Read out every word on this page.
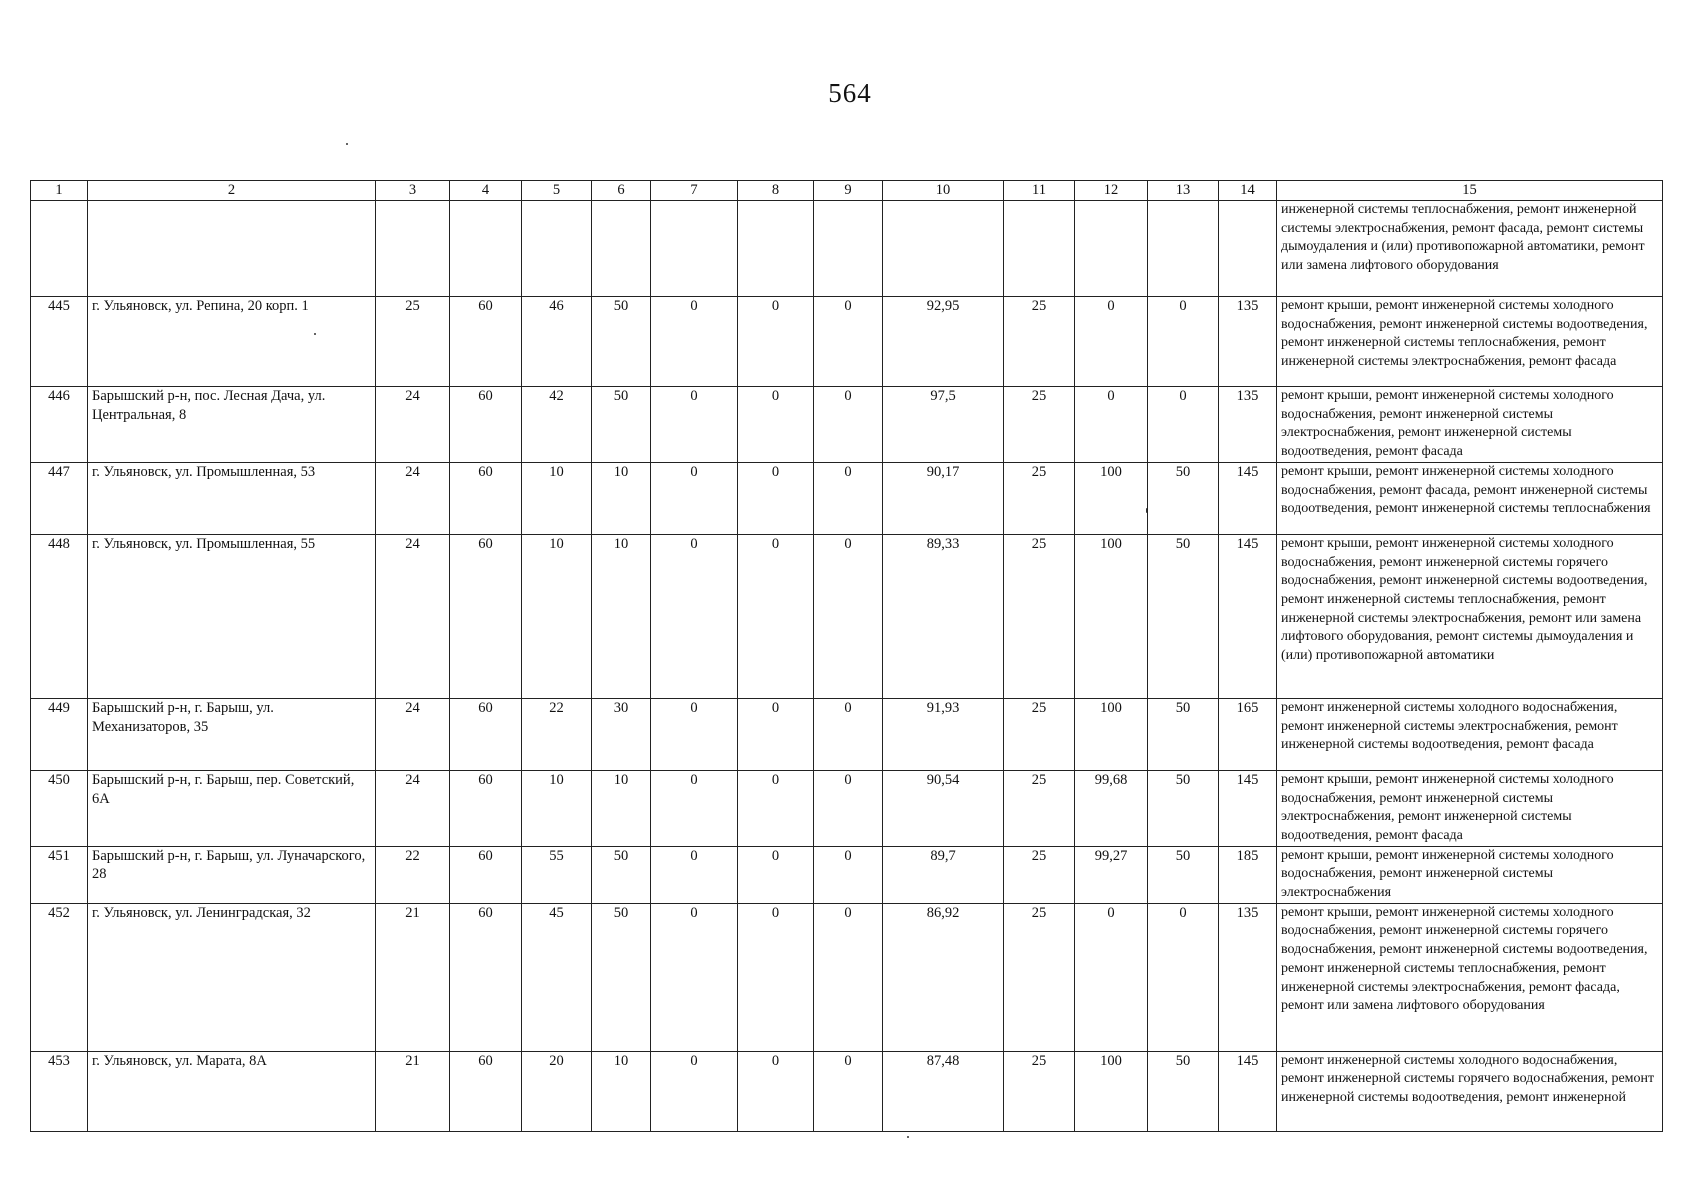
564
1	2	3	4	5	6	7	8	9	10	11	12	13	14	15
														инженерной системы теплоснабжения, ремонт инженерной системы электроснабжения, ремонт фасада, ремонт системы дымоудаления и (или) противопожарной автоматики, ремонт или замена лифтового оборудования
445	г. Ульяновск, ул. Репина, 20 корп. 1	25	60	46	50	0	0	0	92,95	25	0	0	135	ремонт крыши, ремонт инженерной системы холодного водоснабжения, ремонт инженерной системы водоотведения, ремонт инженерной системы теплоснабжения, ремонт инженерной системы электроснабжения, ремонт фасада
446	Барышский р-н, пос. Лесная Дача, ул. Центральная, 8	24	60	42	50	0	0	0	97,5	25	0	0	135	ремонт крыши, ремонт инженерной системы холодного водоснабжения, ремонт инженерной системы электроснабжения, ремонт инженерной системы водоотведения, ремонт фасада
447	г. Ульяновск, ул. Промышленная, 53	24	60	10	10	0	0	0	90,17	25	100	50	145	ремонт крыши, ремонт инженерной системы холодного водоснабжения, ремонт фасада, ремонт инженерной системы водоотведения, ремонт инженерной системы теплоснабжения
448	г. Ульяновск, ул. Промышленная, 55	24	60	10	10	0	0	0	89,33	25	100	50	145	ремонт крыши, ремонт инженерной системы холодного водоснабжения, ремонт инженерной системы горячего водоснабжения, ремонт инженерной системы водоотведения, ремонт инженерной системы теплоснабжения, ремонт инженерной системы электроснабжения, ремонт или замена лифтового оборудования, ремонт системы дымоудаления и (или) противопожарной автоматики
449	Барышский р-н, г. Барыш, ул. Механизаторов, 35	24	60	22	30	0	0	0	91,93	25	100	50	165	ремонт инженерной системы холодного водоснабжения, ремонт инженерной системы электроснабжения, ремонт инженерной системы водоотведения, ремонт фасада
450	Барышский р-н, г. Барыш, пер. Советский, 6А	24	60	10	10	0	0	0	90,54	25	99,68	50	145	ремонт крыши, ремонт инженерной системы холодного водоснабжения, ремонт инженерной системы электроснабжения, ремонт инженерной системы водоотведения, ремонт фасада
451	Барышский р-н, г. Барыш, ул. Луначарского, 28	22	60	55	50	0	0	0	89,7	25	99,27	50	185	ремонт крыши, ремонт инженерной системы холодного водоснабжения, ремонт инженерной системы электроснабжения
452	г. Ульяновск, ул. Ленинградская, 32	21	60	45	50	0	0	0	86,92	25	0	0	135	ремонт крыши, ремонт инженерной системы холодного водоснабжения, ремонт инженерной системы горячего водоснабжения, ремонт инженерной системы водоотведения, ремонт инженерной системы теплоснабжения, ремонт инженерной системы электроснабжения, ремонт фасада, ремонт или замена лифтового оборудования
453	г. Ульяновск, ул. Марата, 8А	21	60	20	10	0	0	0	87,48	25	100	50	145	ремонт инженерной системы холодного водоснабжения, ремонт инженерной системы горячего водоснабжения, ремонт инженерной системы водоотведения, ремонт инженерной
